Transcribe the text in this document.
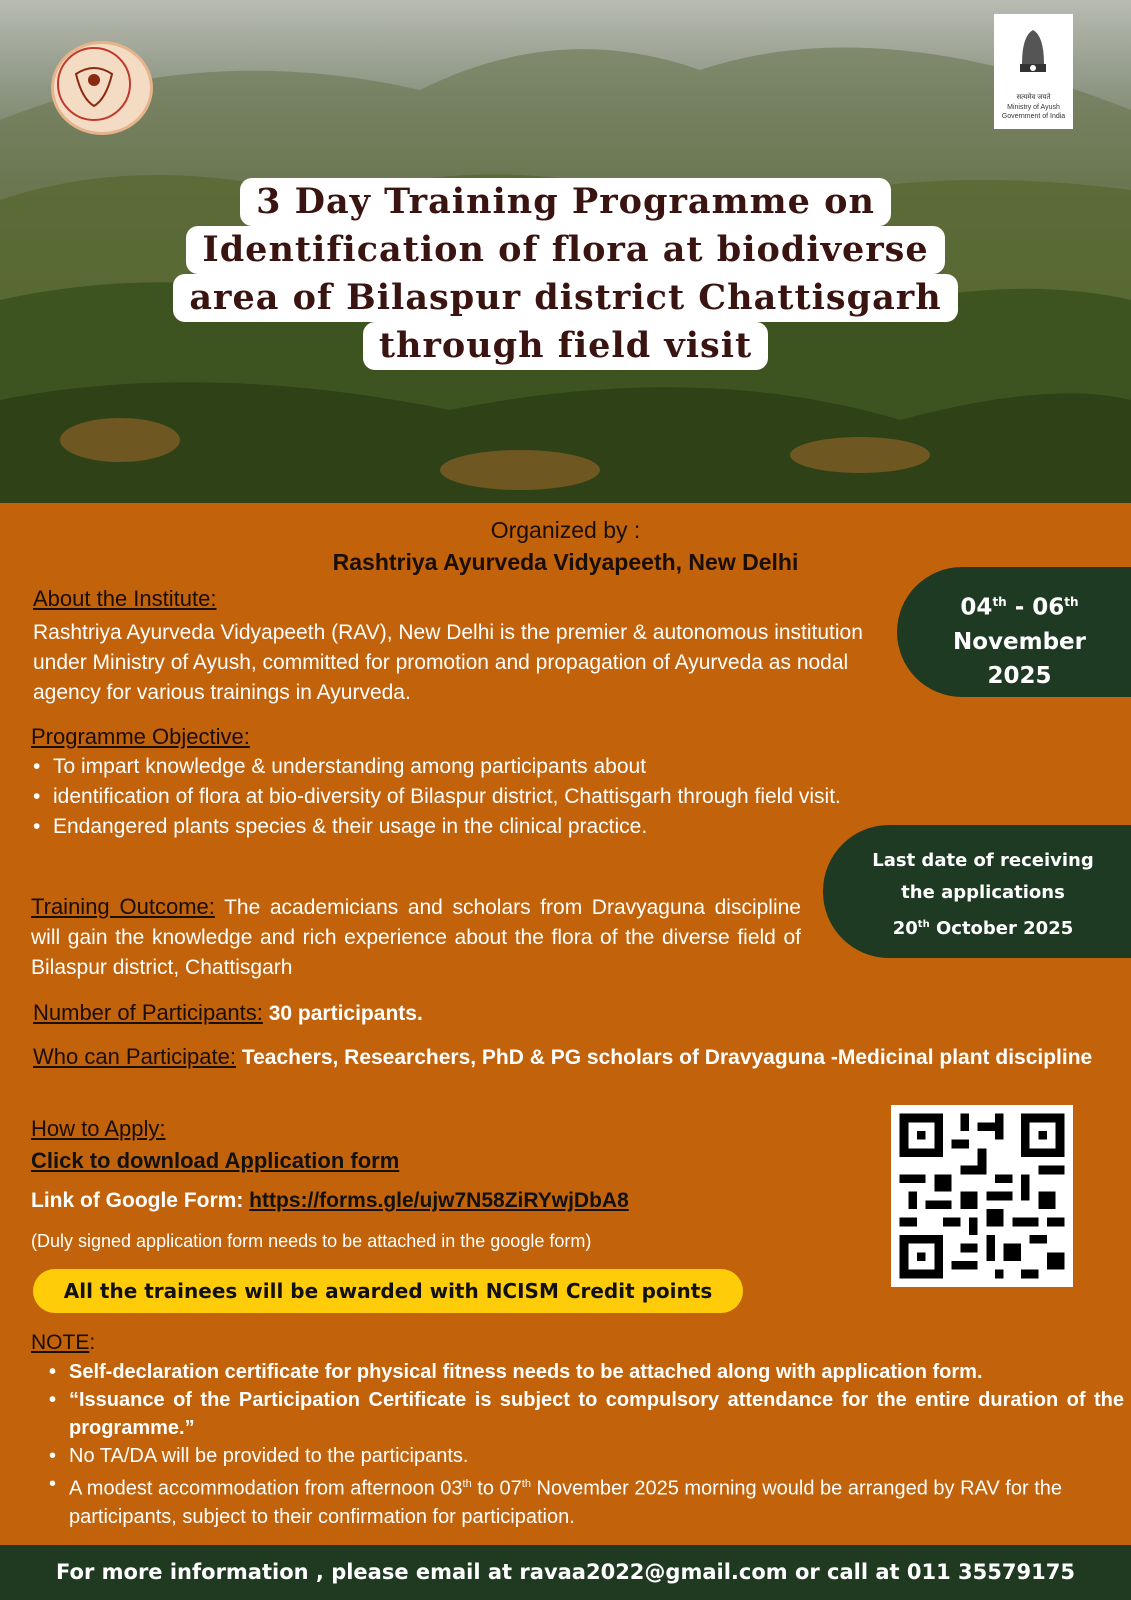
सत्यमेव जयते
Ministry of Ayush
Government of India
3 Day Training Programme on
Identification of flora at biodiverse
area of Bilaspur district Chattisgarh
through field visit
Organized by :
Rashtriya Ayurveda Vidyapeeth, New Delhi
04th - 06th
November
2025
About the Institute:
Rashtriya Ayurveda Vidyapeeth (RAV), New Delhi is the premier & autonomous institution under Ministry of Ayush, committed for promotion and propagation of Ayurveda as nodal agency for various trainings in Ayurveda.
Programme Objective:
• To impart knowledge & understanding among participants about
• identification of flora at bio-diversity of Bilaspur district, Chattisgarh through field visit.
• Endangered plants species & their usage in the clinical practice.
Last date of receiving
the applications
20th October 2025
Training Outcome: The academicians and scholars from Dravyaguna discipline will gain the knowledge and rich experience about the flora of the diverse field of Bilaspur district, Chattisgarh
Number of Participants: 30 participants.
Who can Participate: Teachers, Researchers, PhD & PG scholars of Dravyaguna -Medicinal plant discipline
How to Apply:
Click to download Application form
Link of Google Form: https://forms.gle/ujw7N58ZiRYwjDbA8
(Duly signed application form needs to be attached in the google form)
All the trainees will be awarded with NCISM Credit points
NOTE:
• Self-declaration certificate for physical fitness needs to be attached along with application form.
• “Issuance of the Participation Certificate is subject to compulsory attendance for the entire duration of the programme.”
• No TA/DA will be provided to the participants.
• A modest accommodation from afternoon 03th to 07th November 2025 morning would be arranged by RAV for the participants, subject to their confirmation for participation.
For more information , please email at ravaa2022@gmail.com or call at 011 35579175
